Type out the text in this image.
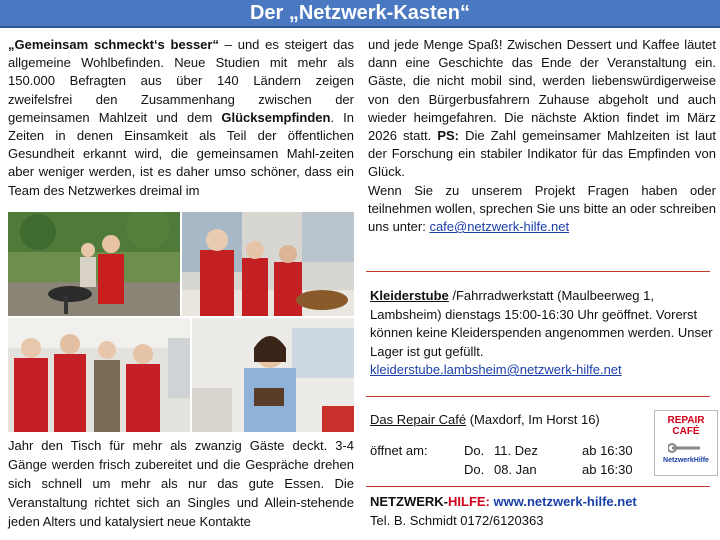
Der „Netzwerk-Kasten“
„Gemeinsam schmeckt‘s besser“ – und es steigert das allgemeine Wohlbefinden. Neue Studien mit mehr als 150.000 Befragten aus über 140 Ländern zeigen zweifelsfrei den Zusammenhang zwischen der gemeinsamen Mahlzeit und dem Glücksempfinden. In Zeiten in denen Einsamkeit als Teil der öffentlichen Gesundheit erkannt wird, die gemeinsamen Mahl-zeiten aber weniger werden, ist es daher umso schöner, dass ein Team des Netzwerkes dreimal im
Jahr den Tisch für mehr als zwanzig Gäste deckt. 3-4 Gänge werden frisch zubereitet und die Gespräche drehen sich schnell um mehr als nur das gute Essen. Die Veranstaltung richtet sich an Singles und Allein-stehende jeden Alters und katalysiert neue Kontakte
und jede Menge Spaß! Zwischen Dessert und Kaffee läutet dann eine Geschichte das Ende der Veranstaltung ein. Gäste, die nicht mobil sind, werden liebenswürdigerweise von den Bürgerbusfahrern Zuhause abgeholt und auch wieder heimgefahren. Die nächste Aktion findet im März 2026 statt. PS: Die Zahl gemeinsamer Mahlzeiten ist laut der Forschung ein stabiler Indikator für das Empfinden von Glück.
Wenn Sie zu unserem Projekt Fragen haben oder teilnehmen wollen, sprechen Sie uns bitte an oder schreiben uns unter: cafe@netzwerk-hilfe.net
Kleiderstube /Fahrradwerkstatt (Maulbeerweg 1, Lambsheim) dienstags 15:00-16:30 Uhr geöffnet. Vorerst können keine Kleiderspenden angenommen werden. Unser Lager ist gut gefüllt.
kleiderstube.lambsheim@netzwerk-hilfe.net
Das Repair Café (Maxdorf, Im Horst 16)
öffnet am:	Do.	11. Dez	ab 16:30
	Do.	08. Jan	ab 16:30
REPAIR
CAFÉ
NetzwerkHilfe
NETZWERK-HILFE: www.netzwerk-hilfe.net
Tel. B. Schmidt 0172/6120363
